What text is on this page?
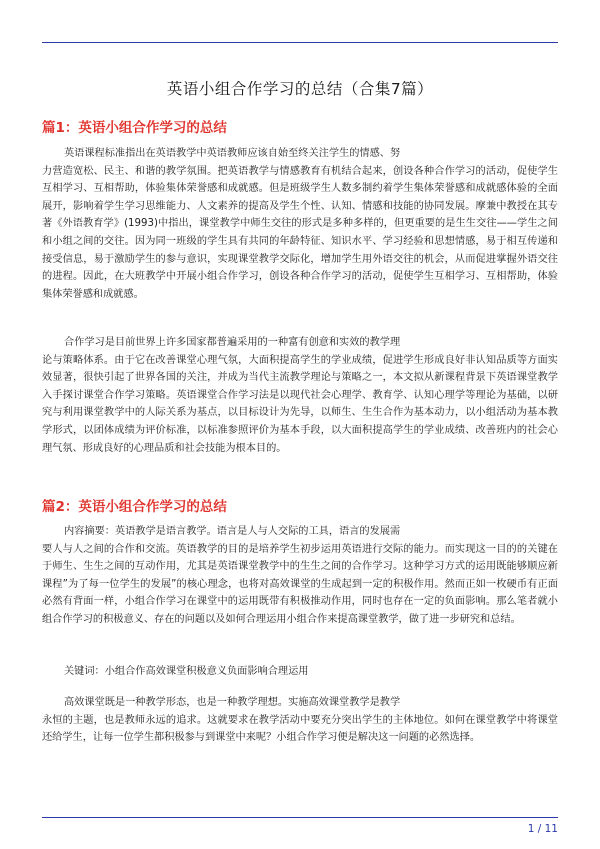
英语小组合作学习的总结（合集7篇）
篇1：英语小组合作学习的总结

英语课程标准指出在英语教学中英语教师应该自始至终关注学生的情感、努
力营造宽松、民主、和谐的教学氛围。把英语教学与情感教育有机结合起来，创设各种合作学习的活动，促使学生互相学习、互相帮助，体验集体荣誉感和成就感。但是班级学生人数多制约着学生集体荣誉感和成就感体验的全面展开，影响着学生学习思维能力、人文素养的提高及学生个性、认知、情感和技能的协同发展。摩兼中教授在其专著《外语教育学》(1993)中指出，课堂教学中师生交往的形式是多种多样的，但更重要的是生生交往——学生之间和小组之间的交往。因为同一班级的学生具有共同的年龄特征、知识水平、学习经验和思想情感，易于相互传递和接受信息，易于激励学生的参与意识，实现课堂教学交际化，增加学生用外语交往的机会，从而促进掌握外语交往的进程。因此，在大班教学中开展小组合作学习，创设各种合作学习的活动，促使学生互相学习、互相帮助，体验集体荣誉感和成就感。

合作学习是目前世界上许多国家都普遍采用的一种富有创意和实效的教学理
论与策略体系。由于它在改善课堂心理气氛，大面积提高学生的学业成绩，促进学生形成良好非认知品质等方面实效显著，很快引起了世界各国的关注，并成为当代主流教学理论与策略之一，本文拟从新课程背景下英语课堂教学入手探讨课堂合作学习策略。英语课堂合作学习法是以现代社会心理学、教育学、认知心理学等理论为基础，以研究与利用课堂教学中的人际关系为基点，以目标设计为先导，以师生、生生合作为基本动力，以小组活动为基本教学形式，以团体成绩为评价标准，以标准参照评价为基本手段，以大面积提高学生的学业成绩、改善班内的社会心理气氛、形成良好的心理品质和社会技能为根本目的。

篇2：英语小组合作学习的总结

内容摘要：英语教学是语言教学。语言是人与人交际的工具，语言的发展需
要人与人之间的合作和交流。英语教学的目的是培养学生初步运用英语进行交际的能力。而实现这一目的的关键在于师生、生生之间的互动作用，尤其是英语课堂教学中的生生之间的合作学习。这种学习方式的运用既能够顺应新课程”为了每一位学生的发展”的核心理念，也将对高效课堂的生成起到一定的积极作用。然而正如一枚硬币有正面必然有背面一样，小组合作学习在课堂中的运用既带有积极推动作用，同时也存在一定的负面影响。那么笔者就小组合作学习的积极意义、存在的问题以及如何合理运用小组合作来提高课堂教学，做了进一步研究和总结。

关键词：小组合作高效课堂积极意义负面影响合理运用

高效课堂既是一种教学形态，也是一种教学理想。实施高效课堂教学是教学
永恒的主题，也是教师永远的追求。这就要求在教学活动中要充分突出学生的主体地位。如何在课堂教学中将课堂还给学生，让每一位学生都积极参与到课堂中来呢？小组合作学习便是解决这一问题的必然选择。

1 / 11
